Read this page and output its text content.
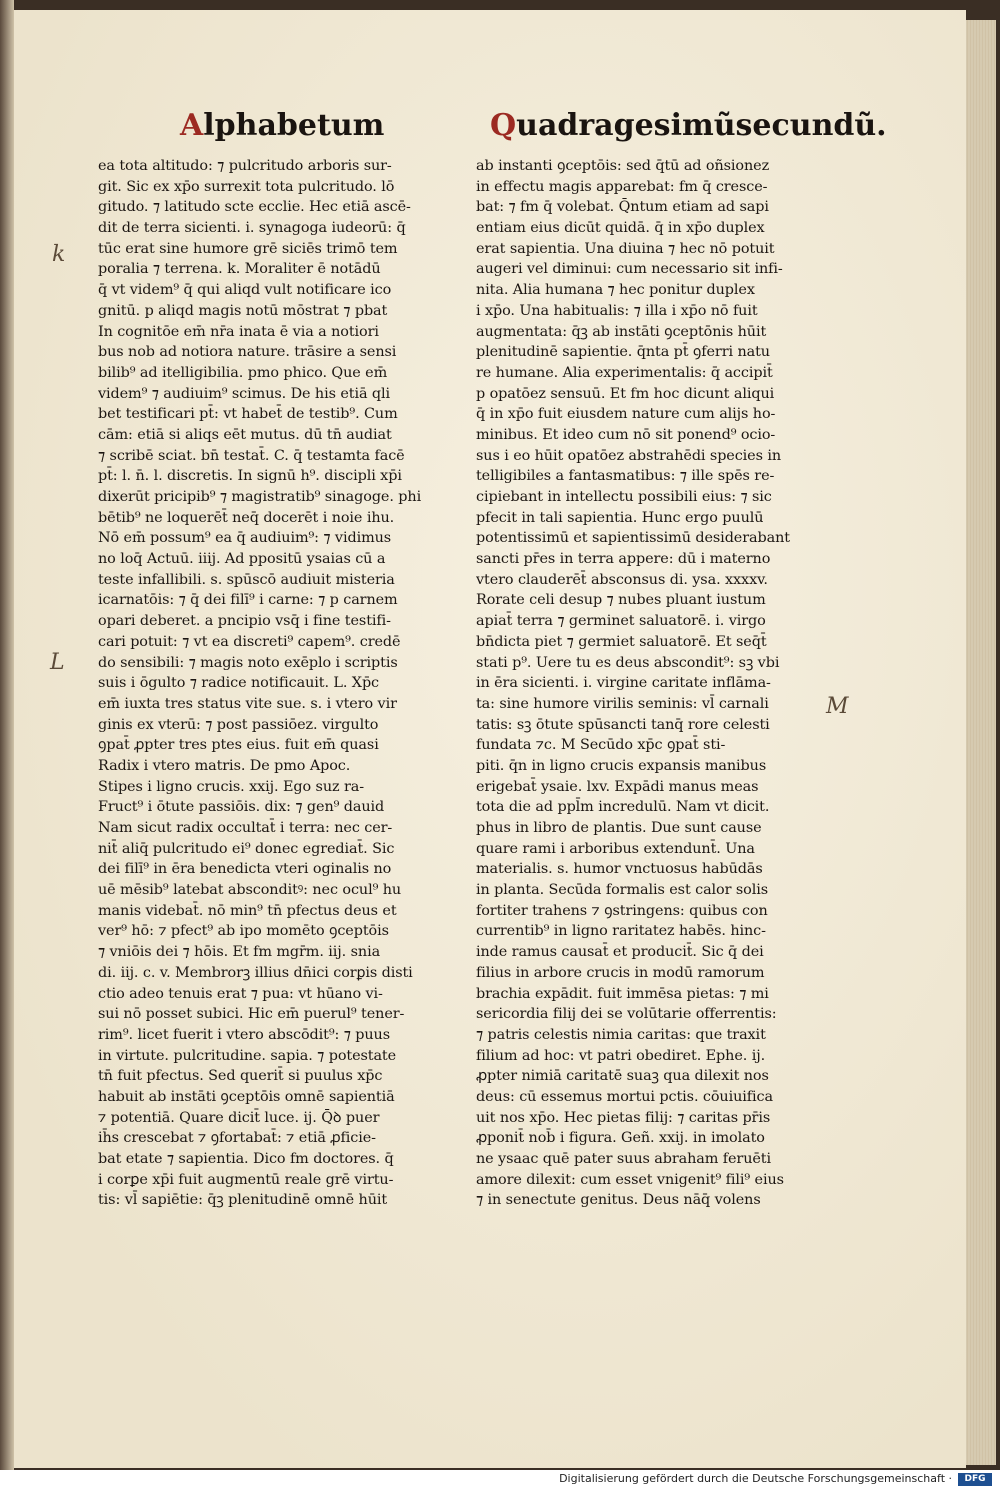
Alphabetum	Quadragesimũsecundũ.
k
L
M
ea tota altitudo: ⁊ pulcritudo arboris sur-
git. Sic ex xp̄o surrexit tota pulcritudo. lō
gitudo. ⁊ latitudo scte ecclie. Hec etiā ascē-
dit de terra sicienti. i. synagoga iudeorū: q̄
tūc erat sine humore grē siciēs trimō tem
poralia ⁊ terrena. k. Moraliter ē notādū
q̄ vt videm⁹ q̄ qui aliqd vult notificare ico
gnitū. p aliqd magis notū mōstrat ⁊ pbat
In cognitōe em̄ nr̄a inata ē via a notiori
bus nob ad notiora nature. trāsire a sensi
bilib⁹ ad itelligibilia. pmo phico. Que em̄
videm⁹ ⁊ audiuim⁹ scimus. De his etiā qli
bet testificari pt̄: vt habet̄ de testib⁹. Cum
cām: etiā si aliqs eēt mutus. dū tn̄ audiat
⁊ scribē sciat. bn̄ testat̄. C. q̄ testamta facē
pt̄: l. n̄. l. discretis. In signū h⁹. discipli xp̄i
dixerūt pricipib⁹ ⁊ magistratib⁹ sinagoge. phi
bētib⁹ ne loquerēt̄ neq̄ docerēt i noie ihu.
Nō em̄ possum⁹ ea q̄ audiuim⁹: ⁊ vidimus
no loq̄ Actuū. iiij. Ad ppositū ysaias cū a
teste infallibili. s. spūscō audiuit misteria
icarnatōis: ⁊ q̄ dei filī⁹ i carne: ⁊ p carnem
opari deberet. a pncipio vsq̄ i fine testifi-
cari potuit: ⁊ vt ea discreti⁹ capem⁹. credē
do sensibili: ⁊ magis noto exēplo i scriptis
suis i ōgulto ⁊ radice notificauit. L. Xp̄c
em̄ iuxta tres status vite sue. s. i vtero vir
ginis ex vterū: ⁊ post passiōez. virgulto
ꝯpat̄ ꝓpter tres ptes eius. fuit em̄ quasi
Radix i vtero matris. De pmo Apoc.
Stipes i ligno crucis. xxij. Ego suz ra-
Fruct⁹ i ōtute passiōis. dix: ⁊ gen⁹ dauid
Nam sicut radix occultat̄ i terra: nec cer-
nit̄ aliq̄ pulcritudo ei⁹ donec egrediat̄. Sic
dei filī⁹ in ēra benedicta vteri oginalis no
uē mēsib⁹ latebat absconditꝰ: nec ocul⁹ hu
manis videbat̄. nō min⁹ tn̄ pfectus deus et
ver⁹ hō: ⁊ pfect⁹ ab ipo momēto ꝯceptōis
⁊ vniōis dei ⁊ hōis. Et fm mgr̄m. iij. snia
di. iij. c. v. Membrorꝫ illius dn̄ici corꝑis disti
ctio adeo tenuis erat ⁊ pua: vt hūano vi-
sui nō posset subici. Hic em̄ puerul⁹ tener-
rim⁹. licet fuerit i vtero abscōdit⁹: ⁊ puus
in virtute. pulcritudine. sapia. ⁊ potestate
tn̄ fuit pfectus. Sed querit̄ si puulus xp̄c
habuit ab instāti ꝯceptōis omnē sapientiā
⁊ potentiā. Quare dicit̄ luce. ij. Q̄ꝺ puer
ih̄s crescebat ⁊ ꝯfortabat̄: ⁊ etiā ꝓficie-
bat etate ⁊ sapientia. Dico fm doctores. q̄
i corꝑe xp̄i fuit augmentū reale grē virtu-
tis: vl̄ sapiētie: q̄ꝫ plenitudinē omnē hūit
ab instanti ꝯceptōis: sed q̄tū ad oñsionez
in effectu magis apparebat: fm q̄ cresce-
bat: ⁊ fm q̄ volebat. Q̄ntum etiam ad sapi
entiam eius dicūt quidā. q̄ in xp̄o duplex
erat sapientia. Una diuina ⁊ hec nō potuit
augeri vel diminui: cum necessario sit infi-
nita. Alia humana ⁊ hec ponitur duplex
i xp̄o. Una habitualis: ⁊ illa i xp̄o nō fuit
augmentata: q̄ꝫ ab instāti ꝯceptōnis hūit
plenitudinē sapientie. q̄nta pt̄ ꝯferri natu
re humane. Alia experimentalis: q̄ accipit̄
p opatōez sensuū. Et fm hoc dicunt aliqui
q̄ in xp̄o fuit eiusdem nature cum alijs ho-
minibus. Et ideo cum nō sit ponend⁹ ocio-
sus i eo hūit opatōez abstrahēdi species in
telligibiles a fantasmatibus: ⁊ ille spēs re-
cipiebant in intellectu possibili eius: ⁊ sic
pfecit in tali sapientia. Hunc ergo puulū
potentissimū et sapientissimū desiderabant
sancti pr̄es in terra appere: dū i materno
vtero clauderēt̄ absconsus di. ysa. xxxxv.
Rorate celi desup ⁊ nubes pluant iustum
apiat̄ terra ⁊ germinet saluatorē. i. virgo
bn̄dicta piet ⁊ germiet saluatorē. Et seq̄t̄
stati p⁹. Uere tu es deus abscondit⁹: sꝫ vbi
in ēra sicienti. i. virgine caritate inflāma-
ta: sine humore virilis seminis: vl̄ carnali
tatis: sꝫ ōtute spūsancti tanq̄ rore celesti
fundata ⁊c. M Secūdo xp̄c ꝯpat̄ sti-
piti. q̄n in ligno crucis expansis manibus
erigebat̄ ysaie. lxv. Expādi manus meas
tota die ad ppl̄m incredulū. Nam vt dicit.
phus in libro de plantis. Due sunt cause
quare rami i arboribus extendunt̄. Una
materialis. s. humor vnctuosus habūdās
in planta. Secūda formalis est calor solis
fortiter trahens ⁊ ꝯstringens: quibus con
currentib⁹ in ligno raritatez habēs. hinc-
inde ramus causat̄ et producit̄. Sic q̄ dei
filius in arbore crucis in modū ramorum
brachia expādit. fuit immēsa pietas: ⁊ mi
sericordia filij dei se volūtarie offerrentis:
⁊ patris celestis nimia caritas: que traxit
filium ad hoc: vt patri obediret. Ephe. ij.
ꝓpter nimiā caritatē suaꝫ qua dilexit nos
deus: cū essemus mortui pctis. cōuiuifica
uit nos xp̄o. Hec pietas filij: ⁊ caritas pr̄is
ꝓponit̄ nob̄ i figura. Geñ. xxij. in imolato
ne ysaac quē pater suus abraham feruēti
amore dilexit: cum esset vnigenit⁹ fili⁹ eius
⁊ in senectute genitus. Deus nāq̄ volens
Digitalisierung gefördert durch die Deutsche Forschungsgemeinschaft ·	DFG
